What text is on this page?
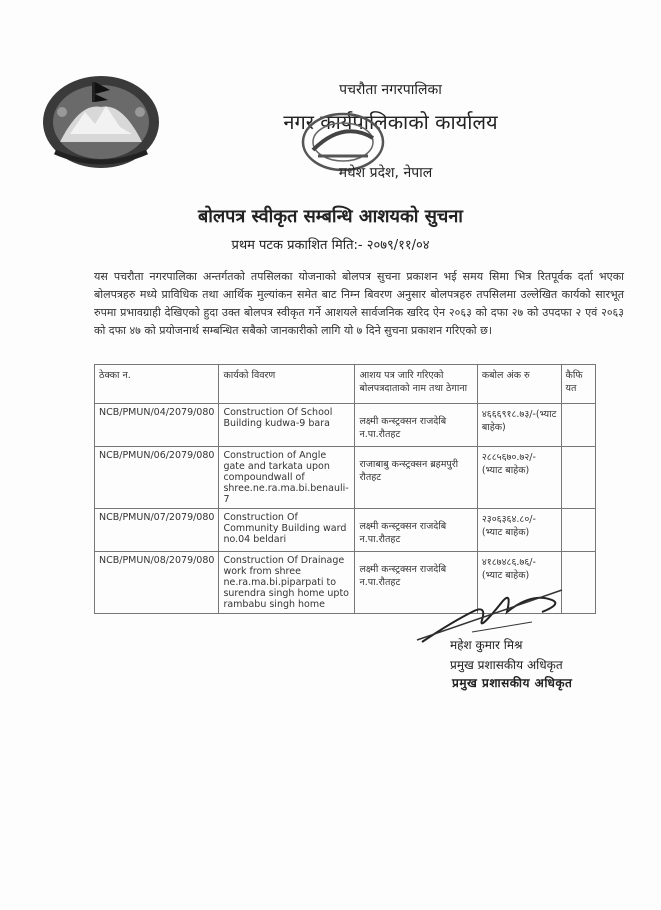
पचरौता नगरपालिका
नगर कार्यपालिकाको कार्यालय
मधेश प्रदेश, नेपाल
बोलपत्र स्वीकृत सम्बन्धि आशयको सुचना
प्रथम पटक प्रकाशित मिति:- २०७९/११/०४
यस पचरौता नगरपालिका अन्तर्गतको तपसिलका योजनाको बोलपत्र सुचना प्रकाशन भई समय सिमा भित्र रितपूर्वक दर्ता भएका बोलपत्रहरु मध्ये प्राविधिक तथा आर्थिक मुल्यांकन समेत बाट निम्न बिवरण अनुसार बोलपत्रहरु तपसिलमा उल्लेखित कार्यको सारभूत रुपमा प्रभावग्राही देखिएको हुदा उक्त बोलपत्र स्वीकृत गर्ने आशयले सार्वजनिक खरिद ऐन २०६३ को दफा २७ को उपदफा २ एवं २०६३ को दफा ४७ को प्रयोजनार्थ सम्बन्धित सबैको जानकारीको लागि यो ७ दिने सुचना प्रकाशन गरिएको छ।
ठेक्का न.	कार्यको विवरण	आशय पत्र जारि गरिएको बोलपत्रदाताको नाम तथा ठेगाना	कबोल अंक रु	कैफि यत
NCB/PMUN/04/2079/080	Construction Of School Building kudwa-9 bara	लक्ष्मी कन्स्ट्रक्सन राजदेबि न.पा.रौतहट	४६६६९१८.७३/-(भ्याट बाहेक)	
NCB/PMUN/06/2079/080	Construction of Angle gate and tarkata upon compoundwall of shree.ne.ra.ma.bi.benauli-7	राजाबाबु कन्स्ट्रक्सन ब्रहमपुरी रौतहट	२८८५६७०.७२/- (भ्याट बाहेक)	
NCB/PMUN/07/2079/080	Construction Of Community Building ward no.04 beldari	लक्ष्मी कन्स्ट्रक्सन राजदेबि न.पा.रौतहट	२३०६३६४.८०/- (भ्याट बाहेक)	
NCB/PMUN/08/2079/080	Construction Of Drainage work from shree ne.ra.ma.bi.piparpati to surendra singh home upto rambabu singh home	लक्ष्मी कन्स्ट्रक्सन राजदेबि न.पा.रौतहट	४१८७४८६.७६/- (भ्याट बाहेक)	
महेश कुमार मिश्र
प्रमुख प्रशासकीय अधिकृत
प्रमुख प्रशासकीय अधिकृत
